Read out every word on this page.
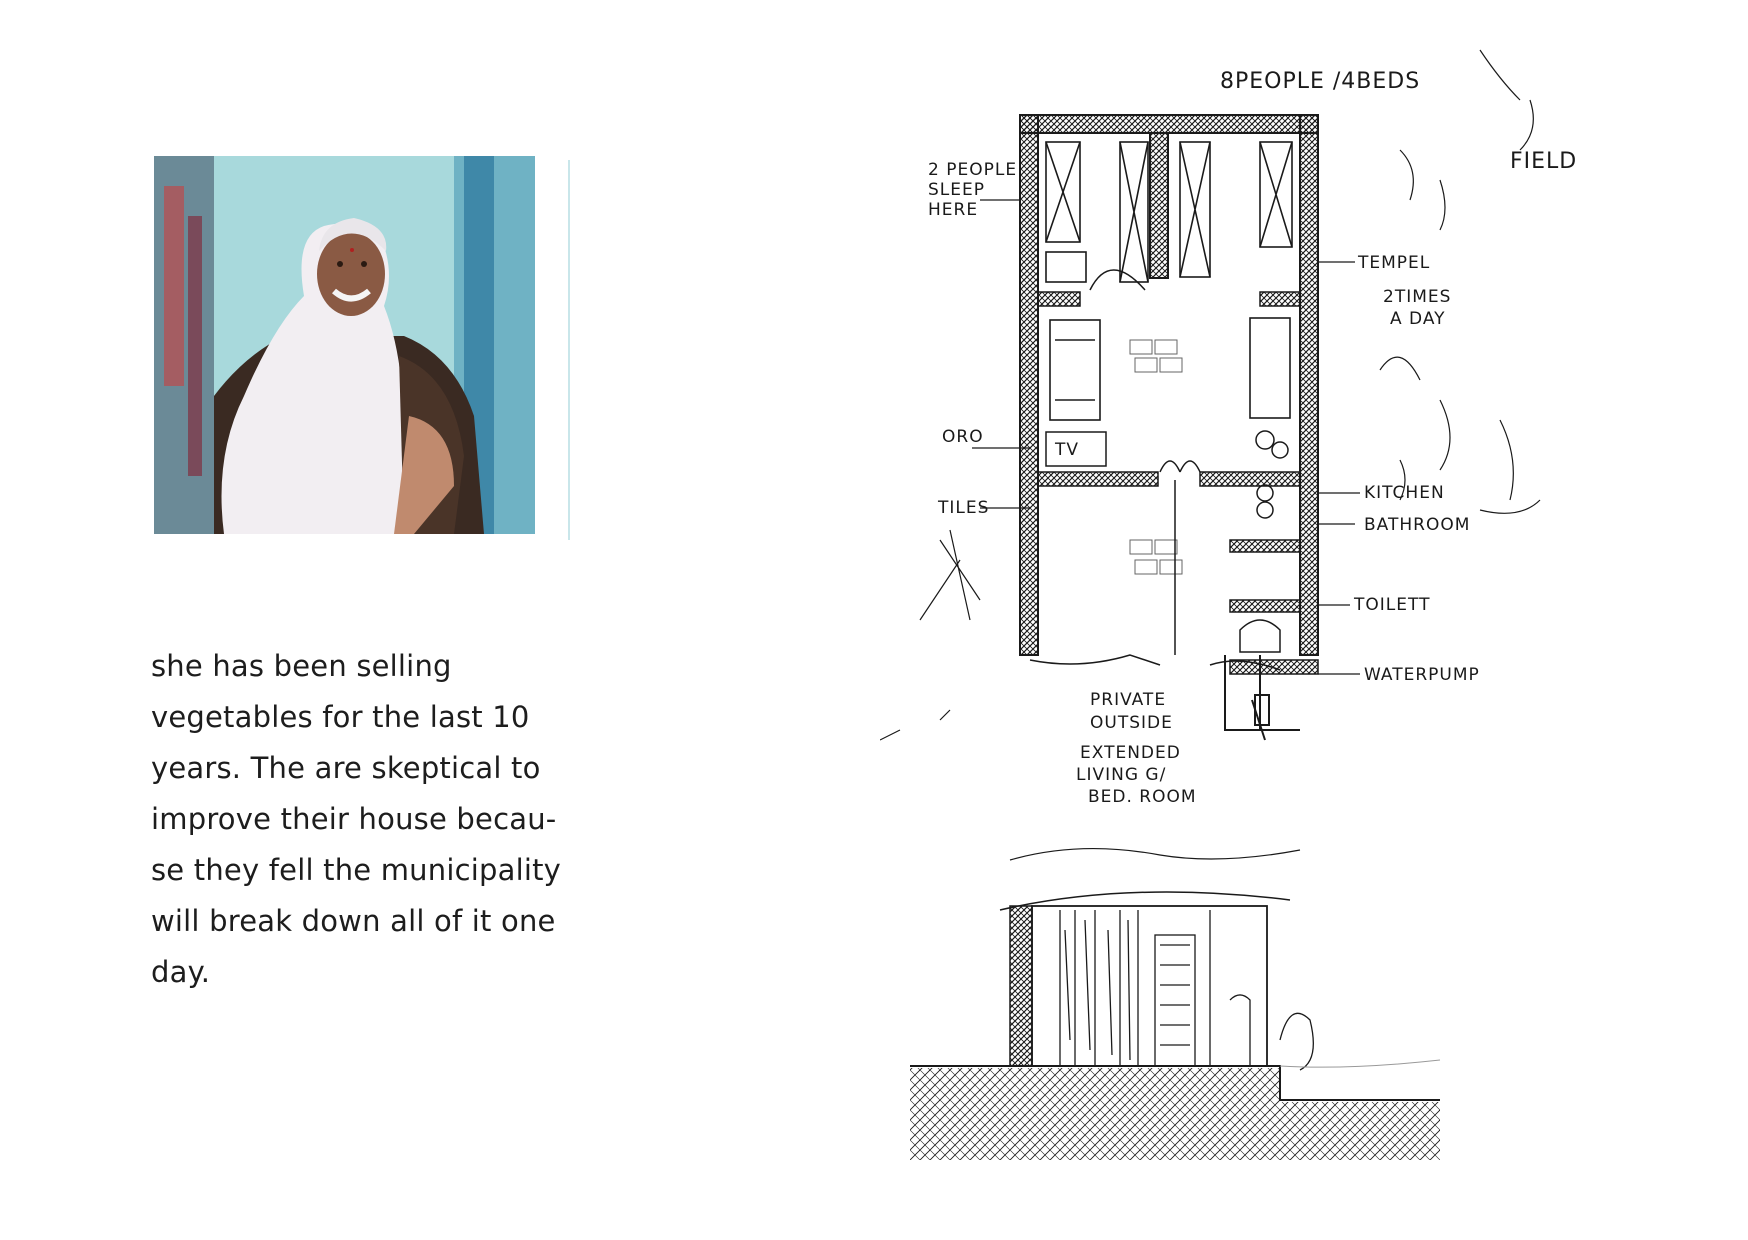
she has been selling
vegetables for the last 10
years. The are skeptical to
improve their house becau-
se they fell the municipality
will break down all of it one
day.
8PEOPLE /4BEDS
FIELD
2 PEOPLE
SLEEP
HERE
TEMPEL
2TIMES
A DAY
TV
ORO
TILES
KITCHEN
BATHROOM
TOILETT
WATERPUMP
PRIVATE
OUTSIDE
EXTENDED
LIVING G/
BED. ROOM
